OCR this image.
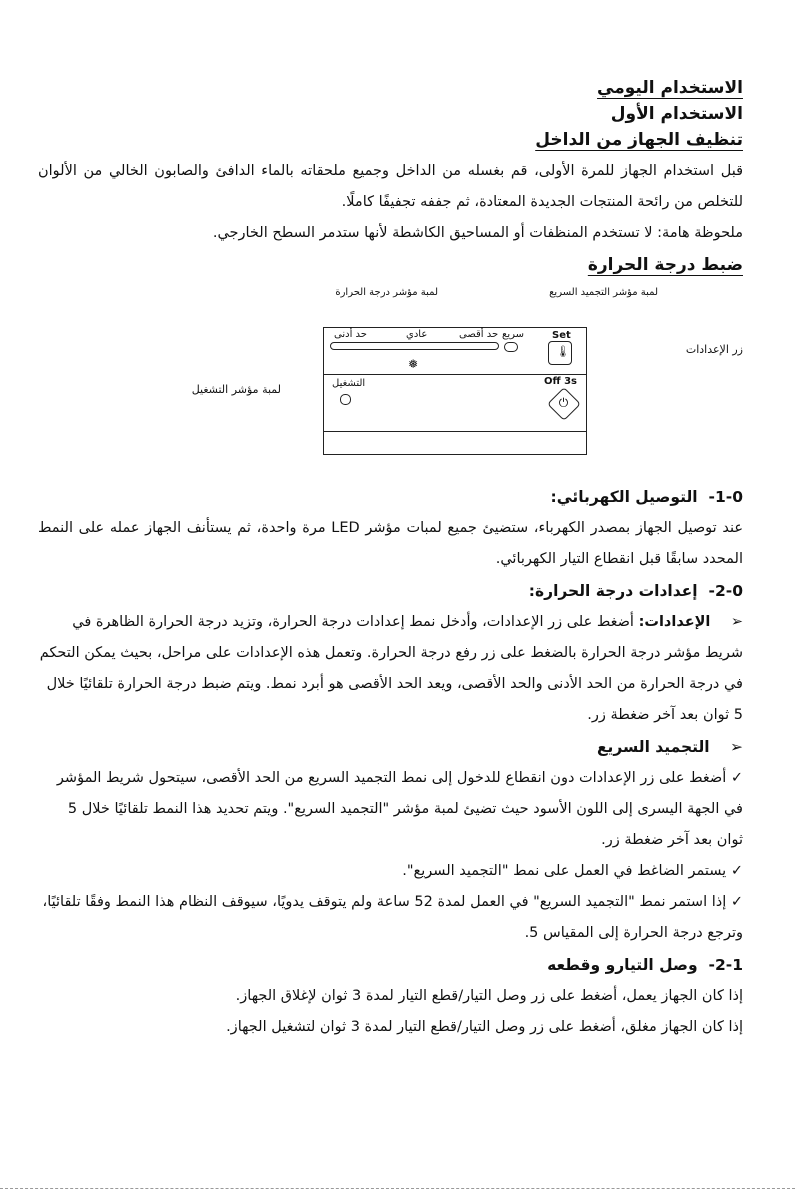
الاستخدام اليومي
الاستخدام الأول
تنظيف الجهاز من الداخل

قبل استخدام الجهاز للمرة الأولى، قم بغسله من الداخل وجميع ملحقاته بالماء الدافئ والصابون الخالي من الألوان للتخلص من رائحة المنتجات الجديدة المعتادة، ثم جففه تجفيفًا كاملًا.

ملحوظة هامة: لا تستخدم المنظفات أو المساحيق الكاشطة لأنها ستدمر السطح الخارجي.

ضبط درجة الحرارة
لمبة مؤشر درجة الحرارة	لمبة مؤشر التجميد السريع
زر الإعدادات
لمبة مؤشر التشغيل
حد أدنى	عادي	حد أقصى سريع	Set
🌡
❅
التشغيل	Off 3s
⏻

1-0- التوصيل الكهربائي:

عند توصيل الجهاز بمصدر الكهرباء، ستضيئ جميع لمبات مؤشر LED مرة واحدة، ثم يستأنف الجهاز عمله على النمط المحدد سابقًا قبل انقطاع التيار الكهربائي.

2-0- إعدادات درجة الحرارة:

➢ الإعدادات: أضغط على زر الإعدادات، وأدخل نمط إعدادات درجة الحرارة، وتزيد درجة الحرارة الظاهرة في شريط مؤشر درجة الحرارة بالضغط على زر رفع درجة الحرارة. وتعمل هذه الإعدادات على مراحل، بحيث يمكن التحكم في درجة الحرارة من الحد الأدنى والحد الأقصى، ويعد الحد الأقصى هو أبرد نمط. ويتم ضبط درجة الحرارة تلقائيًا خلال 5 ثوان بعد آخر ضغطة زر.

➢ التجميد السريع

✓ أضغط على زر الإعدادات دون انقطاع للدخول إلى نمط التجميد السريع من الحد الأقصى، سيتحول شريط المؤشر في الجهة اليسرى إلى اللون الأسود حيث تضيئ لمبة مؤشر "التجميد السريع". ويتم تحديد هذا النمط تلقائيًا خلال 5 ثوان بعد آخر ضغطة زر.

✓ يستمر الضاغط في العمل على نمط "التجميد السريع".

✓ إذا استمر نمط "التجميد السريع" في العمل لمدة 52 ساعة ولم يتوقف يدويًا، سيوقف النظام هذا النمط وفقًا تلقائيًا، وترجع درجة الحرارة إلى المقياس 5.

2-1- وصل التيارو وقطعه

إذا كان الجهاز يعمل، أضغط على زر وصل التيار/قطع التيار لمدة 3 ثوان لإغلاق الجهاز.

إذا كان الجهاز مغلق، أضغط على زر وصل التيار/قطع التيار لمدة 3 ثوان لتشغيل الجهاز.
